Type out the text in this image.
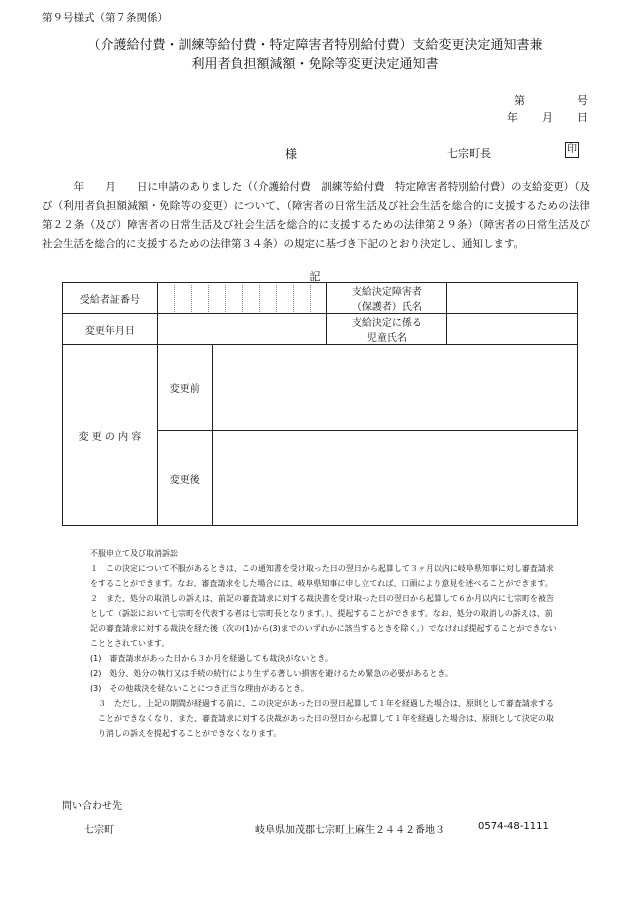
第９号様式（第７条関係）
（介護給付費・訓練等給付費・特定障害者特別給付費）支給変更決定通知書兼
利用者負担額減額・免除等変更決定通知書
第	号
年 月 日
様	七宗町長	印
　　　年　　月　　日に申請のありました（（介護給付費　訓練等給付費　特定障害者特別給付費）の支給変更）（及び（利用者負担額減額・免除等の変更）について、（障害者の日常生活及び社会生活を総合的に支援するための法律第２２条（及び）障害者の日常生活及び社会生活を総合的に支援するための法律第２９条）（障害者の日常生活及び社会生活を総合的に支援するための法律第３４条）の規定に基づき下記のとおり決定し、通知します。
記
受給者証番号			支給決定障害者
（保護者）氏名	

変更年月日			支給決定に係る
児童氏名	

変 更 の 内 容	変更前			
	変更後			

不服申立て及び取消訴訟

１　この決定について不服があるときは、この通知書を受け取った日の翌日から起算して３ヶ月以内に岐阜県知事に対し審査請求をすることができます。なお、審査請求をした場合には、岐阜県知事に申し立てれば、口頭により意見を述べることができます。

２　また、処分の取消しの訴えは、前記の審査請求に対する裁決書を受け取った日の翌日から起算して６か月以内に七宗町を被告として（訴訟において七宗町を代表する者は七宗町長となります。）、提起することができます。なお、処分の取消しの訴えは、前記の審査請求に対する裁決を経た後（次の(1)から(3)までのいずれかに該当するときを除く。）でなければ提起することができないこととされています。

(1)　審査請求があった日から３か月を経過しても裁決がないとき。

(2)　処分、処分の執行又は手続の続行により生ずる著しい損害を避けるため緊急の必要があるとき。

(3)　その他裁決を経ないことにつき正当な理由があるとき。

３　ただし、上記の期間が経過する前に、この決定があった日の翌日起算して１年を経過した場合は、原則として審査請求することができなくなり、また、審査請求に対する決裁があった日の翌日から起算して１年を経過した場合は、原則として決定の取り消しの訴えを提起することができなくなります。

問い合わせ先
七宗町	岐阜県加茂郡七宗町上麻生２４４２番地３	0574-48-1111
